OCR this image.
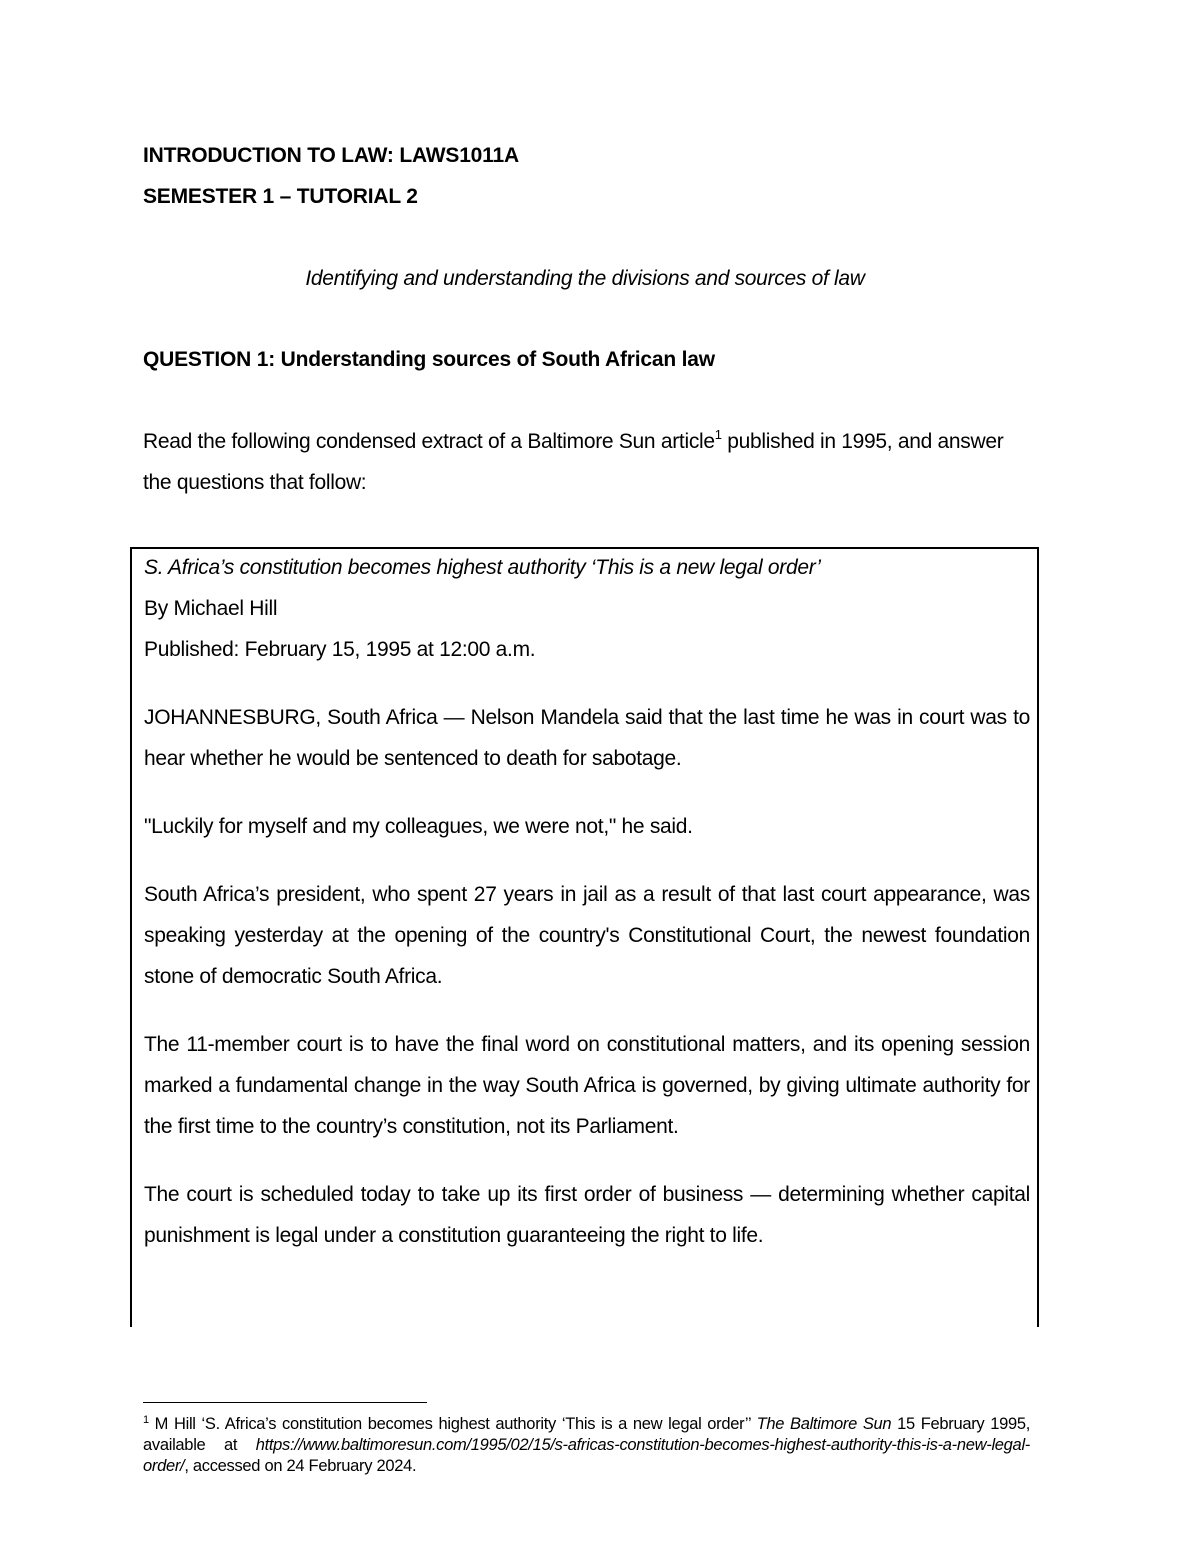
INTRODUCTION TO LAW: LAWS1011A
SEMESTER 1 – TUTORIAL 2
Identifying and understanding the divisions and sources of law
QUESTION 1: Understanding sources of South African law
Read the following condensed extract of a Baltimore Sun article$^1$ published in 1995, and answer the questions that follow:
S. Africa’s constitution becomes highest authority ‘This is a new legal order’
By Michael Hill
Published: February 15, 1995 at 12:00 a.m.

JOHANNESBURG, South Africa — Nelson Mandela said that the last time he was in court was to hear whether he would be sentenced to death for sabotage.

"Luckily for myself and my colleagues, we were not," he said.

South Africa’s president, who spent 27 years in jail as a result of that last court appearance, was speaking yesterday at the opening of the country's Constitutional Court, the newest foundation stone of democratic South Africa.

The 11-member court is to have the final word on constitutional matters, and its opening session marked a fundamental change in the way South Africa is governed, by giving ultimate authority for the first time to the country’s constitution, not its Parliament.

The court is scheduled today to take up its first order of business — determining whether capital punishment is legal under a constitution guaranteeing the right to life.

$^1$ M Hill ‘S. Africa’s constitution becomes highest authority ‘This is a new legal order’’ The Baltimore Sun 15 February 1995, available at https://www.baltimoresun.com/1995/02/15/s-africas-constitution-becomes-highest-authority-this-is-a-new-legal-order/, accessed on 24 February 2024.
